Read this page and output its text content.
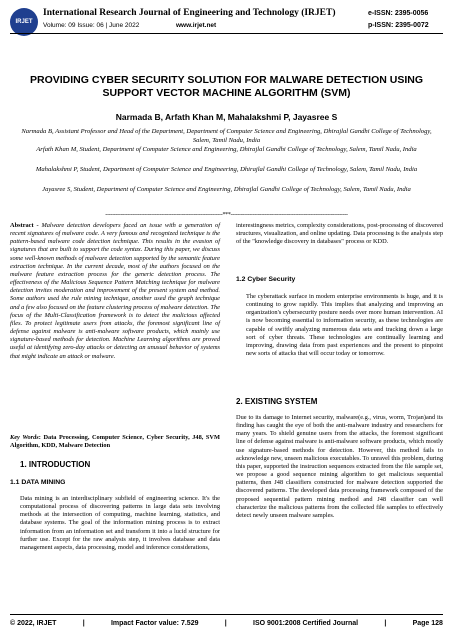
IRJET
International Research Journal of Engineering and Technology (IRJET)
Volume: 09 Issue: 06 | June 2022	www.irjet.net
e-ISSN: 2395-0056
p-ISSN: 2395-0072
PROVIDING CYBER SECURITY SOLUTION FOR MALWARE DETECTION USING SUPPORT VECTOR MACHINE ALGORITHM (SVM)
Narmada B, Arfath Khan M, Mahalakshmi P, Jayasree S
Narmada B, Assistant Professor and Head of the Department, Department of Computer Science and Engineering, Dhirajlal Gandhi College of Technology, Salem, Tamil Nadu, India
Arfath Khan M, Student, Department of Computer Science and Engineering, Dhirajlal Gandhi College of Technology, Salem, Tamil Nadu, India
Mahalakshmi P, Student, Department of Computer Science and Engineering, Dhirajlal Gandhi College of Technology, Salem, Tamil Nadu, India
Jayasree S, Student, Department of Computer Science and Engineering, Dhirajlal Gandhi College of Technology, Salem, Tamil Nadu, India
---------------------------------------------------------------------***---------------------------------------------------------------------
Abstract - Malware detection developers faced an issue with a generation of recent signatures of malware code. A very famous and recognized technique is the pattern-based malware code detection technique. This results in the evasion of signatures that are built to support the code syntax. During this paper, we discuss some well-known methods of malware detection supported by the semantic feature extraction technique. In the current decade, most of the authors focused on the malware feature extraction process for the generic detection process. The effectiveness of the Malicious Sequence Pattern Matching technique for malware detection invites moderation and improvement of the present system and method. Some authors used the rule mining technique, another used the graph technique and a few also focused on the feature clustering process of malware detection. The focus of the Multi-Classification framework is to detect the malicious affected files. To protect legitimate users from attacks, the foremost significant line of defense against malware is anti-malware software products, which mainly use signature-based methods for detection. Machine Learning algorithms are proved useful at identifying zero-day attacks or detecting an unusual behavior of systems that might indicate an attack or malware.
Key Words: Data Processing, Computer Science, Cyber Security, J48, SVM Algorithm, KDD, Malware Detection
1. INTRODUCTION
1.1 DATA MINING
Data mining is an interdisciplinary subfield of engineering science. It's the computational process of discovering patterns in large data sets involving methods at the intersection of computing, machine learning, statistics, and database systems. The goal of the information mining process is to extract information from an information set and transform it into a lucid structure for further use. Except for the raw analysis step, it involves database and data management aspects, data processing, model and inference considerations,
interestingness metrics, complexity considerations, post-processing of discovered structures, visualization, and online updating. Data processing is the analysis step of the "knowledge discovery in databases" process or KDD.
1.2 Cyber Security
The cyberattack surface in modern enterprise environments is huge, and it is continuing to grow rapidly. This implies that analyzing and improving an organization's cybersecurity posture needs over more human intervention. AI is now becoming essential to information security, as these technologies are capable of swiftly analyzing numerous data sets and tracking down a large sort of cyber threats. These technologies are continually learning and improving, drawing data from past experiences and the present to pinpoint new sorts of attacks that will occur today or tomorrow.
2. EXISTING SYSTEM
Due to its damage to Internet security, malware(e.g., virus, worm, Trojan)and its finding has caught the eye of both the anti-malware industry and researchers for many years. To shield genuine users from the attacks, the foremost significant line of defense against malware is anti-malware software products, which mostly use signature-based methods for detection. However, this method fails to acknowledge new, unseen malicious executables. To unravel this problem, during this paper, supported the instruction sequences extracted from the file sample set, we propose a good sequence mining algorithm to get malicious sequential patterns, then J48 classifiers constructed for malware detection supported the discovered patterns. The developed data processing framework composed of the proposed sequential pattern mining method and J48 classifier can well characterize the malicious patterns from the collected file samples to effectively detect newly unseen malware samples.
© 2022, IRJET	|	Impact Factor value: 7.529	|	ISO 9001:2008 Certified Journal	|	Page 128
